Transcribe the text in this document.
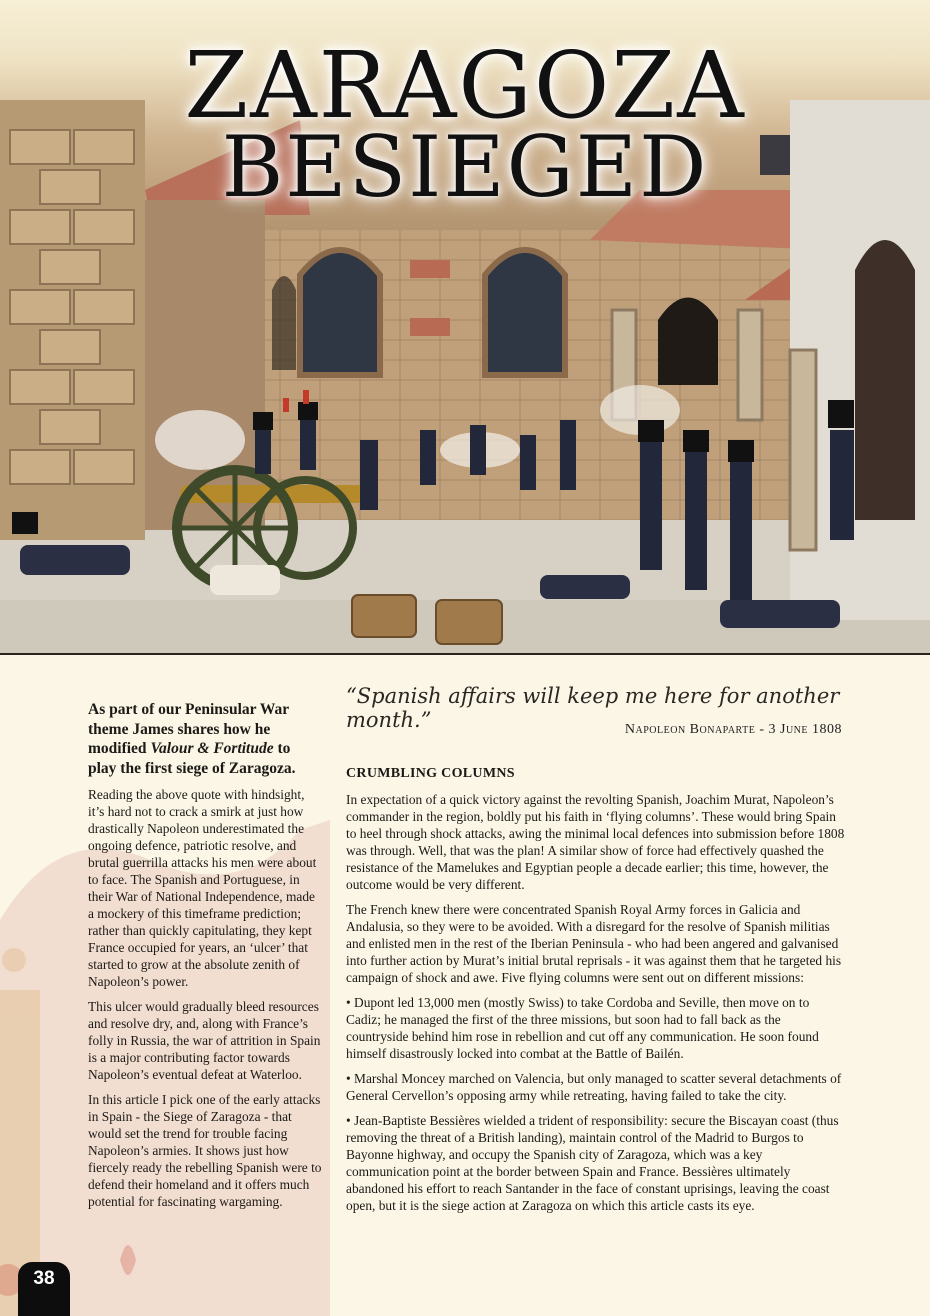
ZARAGOZA
BESIEGED

As part of our Peninsular War theme James shares how he modified Valour & Fortitude to play the first siege of Zaragoza.

Reading the above quote with hindsight, it’s hard not to crack a smirk at just how drastically Napoleon underestimated the ongoing defence, patriotic resolve, and brutal guerrilla attacks his men were about to face. The Spanish and Portuguese, in their War of National Independence, made a mockery of this timeframe prediction; rather than quickly capitulating, they kept France occupied for years, an ‘ulcer’ that started to grow at the absolute zenith of Napoleon’s power.

This ulcer would gradually bleed resources and resolve dry, and, along with France’s folly in Russia, the war of attrition in Spain is a major contributing factor towards Napoleon’s eventual defeat at Waterloo.

In this article I pick one of the early attacks in Spain - the Siege of Zaragoza - that would set the trend for trouble facing Napoleon’s armies. It shows just how fiercely ready the rebelling Spanish were to defend their homeland and it offers much potential for fascinating wargaming.

“Spanish affairs will keep me here for another month.”	Napoleon Bonaparte - 3 June 1808
CRUMBLING COLUMNS

In expectation of a quick victory against the revolting Spanish, Joachim Murat, Napoleon’s commander in the region, boldly put his faith in ‘flying columns’. These would bring Spain to heel through shock attacks, awing the minimal local defences into submission before 1808 was through. Well, that was the plan! A similar show of force had effectively quashed the resistance of the Mamelukes and Egyptian people a decade earlier; this time, however, the outcome would be very different.

The French knew there were concentrated Spanish Royal Army forces in Galicia and Andalusia, so they were to be avoided. With a disregard for the resolve of Spanish militias and enlisted men in the rest of the Iberian Peninsula - who had been angered and galvanised into further action by Murat’s initial brutal reprisals - it was against them that he targeted his campaign of shock and awe. Five flying columns were sent out on different missions:

• Dupont led 13,000 men (mostly Swiss) to take Cordoba and Seville, then move on to Cadiz; he managed the first of the three missions, but soon had to fall back as the countryside behind him rose in rebellion and cut off any communication. He soon found himself disastrously locked into combat at the Battle of Bailén.

• Marshal Moncey marched on Valencia, but only managed to scatter several detachments of General Cervellon’s opposing army while retreating, having failed to take the city.

• Jean-Baptiste Bessières wielded a trident of responsibility: secure the Biscayan coast (thus removing the threat of a British landing), maintain control of the Madrid to Burgos to Bayonne highway, and occupy the Spanish city of Zaragoza, which was a key communication point at the border between Spain and France. Bessières ultimately abandoned his effort to reach Santander in the face of constant uprisings, leaving the coast open, but it is the siege action at Zaragoza on which this article casts its eye.

38
